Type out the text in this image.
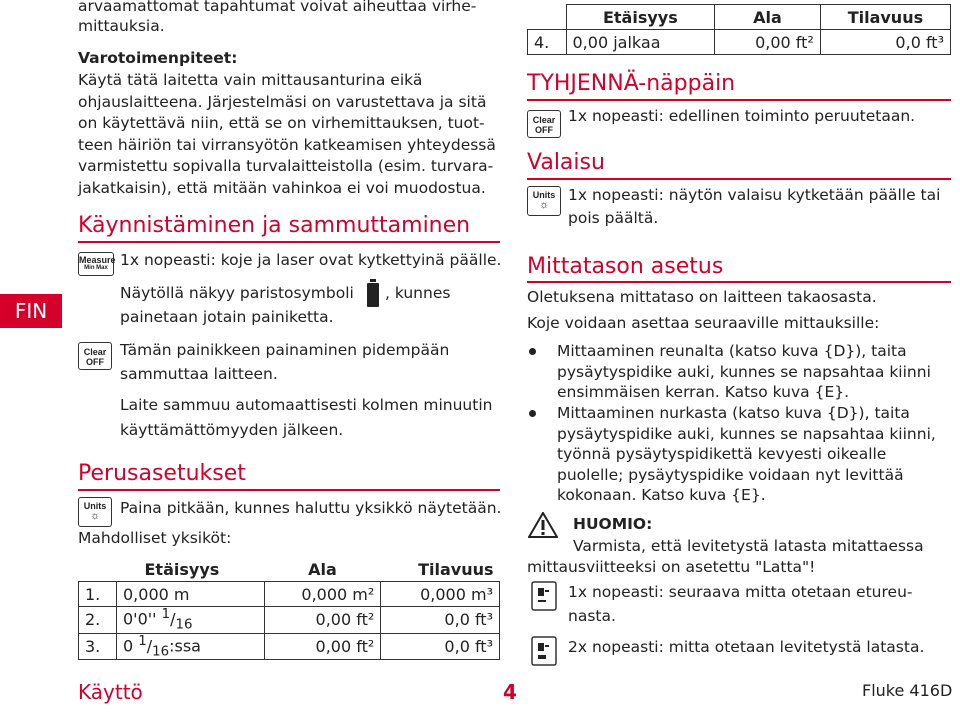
FIN
arvaamattomat tapahtumat voivat aiheuttaa virhe-
mittauksia.
Varotoimenpiteet:
Käytä tätä laitetta vain mittausanturina eikä
ohjauslaitteena. Järjestelmäsi on varustettava ja sitä
on käytettävä niin, että se on virhemittauksen, tuot-
teen häiriön tai virransyötön katkeamisen yhteydessä
varmistettu sopivalla turvalaitteistolla (esim. turvara-
jakatkaisin), että mitään vahinkoa ei voi muodostua.
Käynnistäminen ja sammuttaminen
Measure
Min Max 1x nopeasti: koje ja laser ovat kytkettyinä päälle.
Näytöllä näkyy paristosymboli , kunnes
painetaan jotain painiketta.
Clear
OFF
Tämän painikkeen painaminen pidempään
sammuttaa laitteen.
Laite sammuu automaattisesti kolmen minuutin
käyttämättömyyden jälkeen.
Perusasetukset
Units
☼	Paina pitkään, kunnes haluttu yksikkö näytetään.
Mahdolliset yksiköt:
	Etäisyys	Ala	Tilavuus
1.	0,000 m	0,000 m²	0,000 m³
2.	0'0'' $^1/_{16}$	0,00 ft²	0,0 ft³
3.	0 $^1/_{16}:ssa$	0,00 ft²	0,0 ft³
	Etäisyys	Ala	Tilavuus
4.	0,00 jalkaa	0,00 ft²	0,0 ft³
TYHJENNÄ-näppäin
Clear
OFF
1x nopeasti: edellinen toiminto peruutetaan.
Valaisu
Units
☼
1x nopeasti: näytön valaisu kytketään päälle tai
pois päältä.
Mittatason asetus
Oletuksena mittataso on laitteen takaosasta.
Koje voidaan asettaa seuraaville mittauksille:
Mittaaminen reunalta (katso kuva {D}), taita
pysäytyspidike auki, kunnes se napsahtaa kiinni
ensimmäisen kerran. Katso kuva {E}.
Mittaaminen nurkasta (katso kuva {D}), taita
pysäytyspidike auki, kunnes se napsahtaa kiinni,
työnnä pysäytyspidikettä kevyesti oikealle
puolelle; pysäytyspidike voidaan nyt levittää
kokonaan. Katso kuva {E}.
HUOMIO:
Varmista, että levitetystä latasta mitattaessa
mittausviitteeksi on asetettu "Latta"!
1x nopeasti: seuraava mitta otetaan etureu-
nasta.
2x nopeasti: mitta otetaan levitetystä latasta.
Käyttö	4	Fluke 416D
